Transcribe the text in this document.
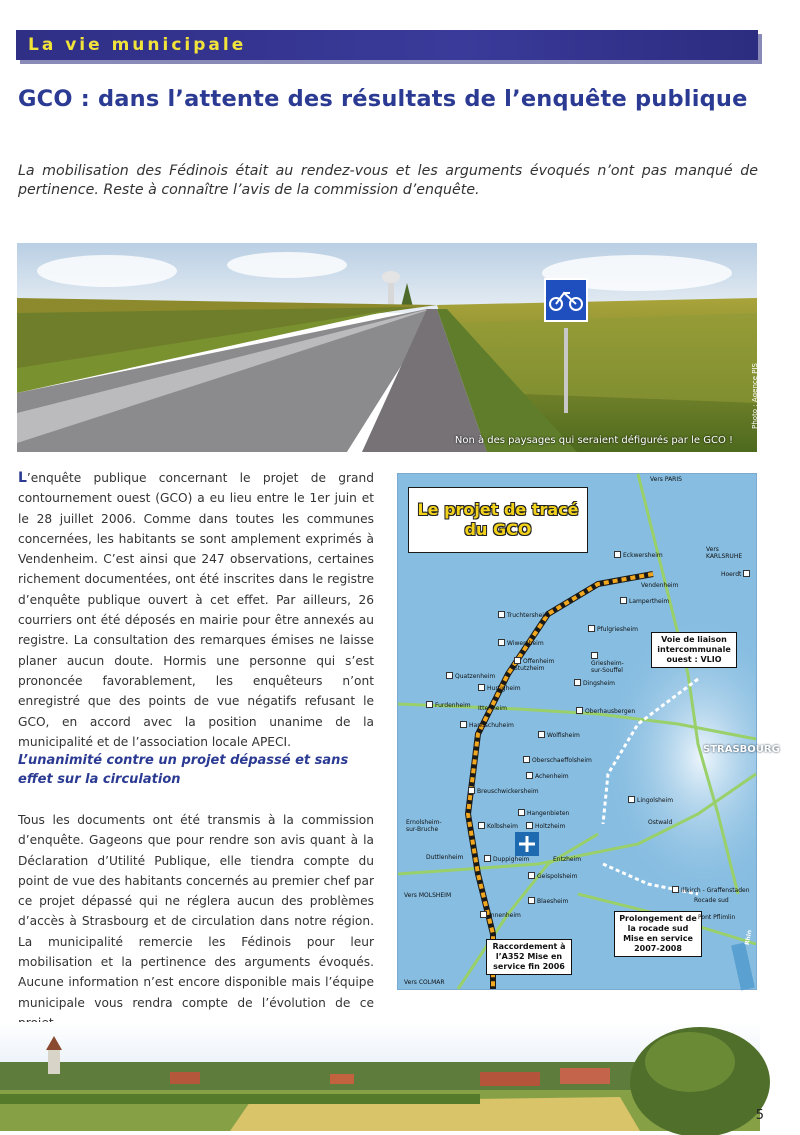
La vie municipale
GCO : dans l’attente des résultats de l’enquête publique
La mobilisation des Fédinois était au rendez-vous et les arguments évoqués n’ont pas manqué de pertinence. Reste à connaître l’avis de la commission d’enquête.
Non à des paysages qui seraient défigurés par le GCO !
Photo : Agence PJS
L’enquête publique concernant le projet de grand contournement ouest (GCO) a eu lieu entre le 1er juin et le 28 juillet 2006. Comme dans toutes les communes concernées, les habitants se sont amplement exprimés à Vendenheim. C’est ainsi que 247 observations, certaines richement documentées, ont été inscrites dans le registre d’enquête publique ouvert à cet effet. Par ailleurs, 26 courriers ont été déposés en mairie pour être annexés au registre. La consultation des remarques émises ne laisse planer aucun doute. Hormis une personne qui s’est prononcée favorablement, les enquêteurs n’ont enregistré que des points de vue négatifs refusant le GCO, en accord avec la position unanime de la municipalité et de l’association locale APECI.
L’unanimité contre un projet dépassé et sans effet sur la circulation
Tous les documents ont été transmis à la commission d’enquête. Gageons que pour rendre son avis quant à la Déclaration d’Utilité Publique, elle tiendra compte du point de vue des habitants concernés au premier chef par ce projet dépassé qui ne réglera aucun des problèmes d’accès à Strasbourg et de circulation dans notre région. La municipalité remercie les Fédinois pour leur mobilisation et la pertinence des arguments évoqués. Aucune information n’est encore disponible mais l’équipe municipale vous rendra compte de l’évolution de ce
Le projet de tracé du GCO
STRASBOURG
Voie de liaison intercommunale ouest : VLIO
Prolongement de la rocade sud Mise en service 2007-2008
Raccordement à l’A352 Mise en service fin 2006
Eckwersheim
Vendenheim
Lampertheim
Hoerdt
Pfulgriesheim
Truchtersheim
Wiwersheim
Offenheim
Stutzheim
Griesheim-sur-Souffel
Dingsheim
Quatzenheim
Hurtigheim
Furdenheim Ittenheim
Handschuheim
Oberhausbergen
Wolfisheim
Oberschaeffolsheim
Achenheim
Breuschwickersheim
Hangenbieten
Holtzheim
Kolbsheim
Ernolsheim-sur-Bruche
Lingolsheim
Ostwald
Entzheim
Duttlenheim	Duppigheim
Geispolsheim
Illkirch - Graffenstaden
Blaesheim
Innenheim
Vers PARIS
Vers KARLSRUHE
Vers MOLSHEIM
Vers COLMAR
Rocade sud
Pont Pflimlin
Rhin
5
